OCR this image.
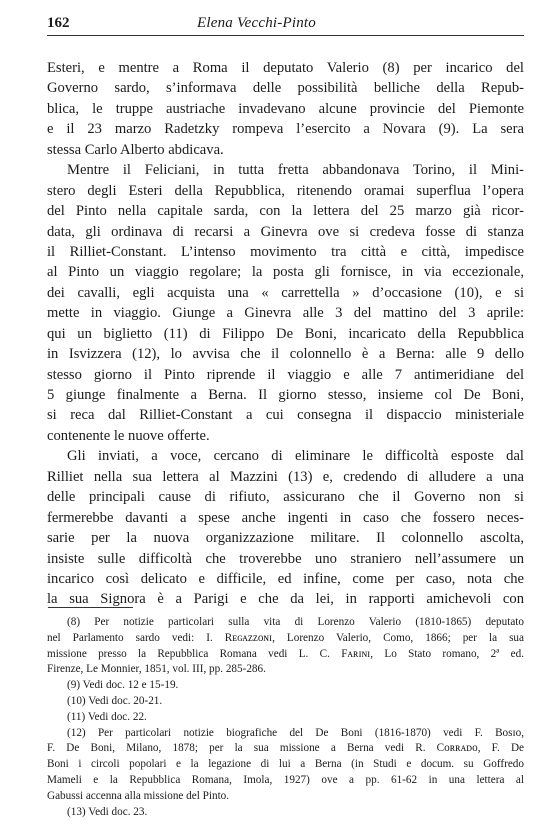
162	Elena Vecchi-Pinto
Esteri, e mentre a Roma il deputato Valerio (8) per incarico del
Governo sardo, s’informava delle possibilità belliche della Repub-
blica, le truppe austriache invadevano alcune provincie del Piemonte
e il 23 marzo Radetzky rompeva l’esercito a Novara (9). La sera
stessa Carlo Alberto abdicava.
Mentre il Feliciani, in tutta fretta abbandonava Torino, il Mini-
stero degli Esteri della Repubblica, ritenendo oramai superflua l’opera
del Pinto nella capitale sarda, con la lettera del 25 marzo già ricor-
data, gli ordinava di recarsi a Ginevra ove si credeva fosse di stanza
il Rilliet-Constant. L’intenso movimento tra città e città, impedisce
al Pinto un viaggio regolare; la posta gli fornisce, in via eccezionale,
dei cavalli, egli acquista una « carrettella » d’occasione (10), e si
mette in viaggio. Giunge a Ginevra alle 3 del mattino del 3 aprile:
qui un biglietto (11) di Filippo De Boni, incaricato della Repubblica
in Isvizzera (12), lo avvisa che il colonnello è a Berna: alle 9 dello
stesso giorno il Pinto riprende il viaggio e alle 7 antimeridiane del
5 giunge finalmente a Berna. Il giorno stesso, insieme col De Boni,
si reca dal Rilliet-Constant a cui consegna il dispaccio ministeriale
contenente le nuove offerte.
Gli inviati, a voce, cercano di eliminare le difficoltà esposte dal
Rilliet nella sua lettera al Mazzini (13) e, credendo di alludere a una
delle principali cause di rifiuto, assicurano che il Governo non si
fermerebbe davanti a spese anche ingenti in caso che fossero neces-
sarie per la nuova organizzazione militare. Il colonnello ascolta,
insiste sulle difficoltà che troverebbe uno straniero nell’assumere un
incarico così delicato e difficile, ed infine, come per caso, nota che
la sua Signora è a Parigi e che da lei, in rapporti amichevoli con
(8) Per notizie particolari sulla vita di Lorenzo Valerio (1810-1865) deputato
nel Parlamento sardo vedi: I. Rᴇɢᴀᴢᴢᴏɴɪ, Lorenzo Valerio, Como, 1866; per la sua
missione presso la Repubblica Romana vedi L. C. Fᴀʀɪɴɪ, Lo Stato romano, 2ª ed.
Firenze, Le Monnier, 1851, vol. III, pp. 285-286.
(9) Vedi doc. 12 e 15-19.
(10) Vedi doc. 20-21.
(11) Vedi doc. 22.
(12) Per particolari notizie biografiche del De Boni (1816-1870) vedi F. Bᴏsɪᴏ,
F. De Boni, Milano, 1878; per la sua missione a Berna vedi R. Cᴏʀʀᴀᴅᴏ, F. De
Boni i circoli popolari e la legazione di lui a Berna (in Studi e docum. su Goffredo
Mameli e la Repubblica Romana, Imola, 1927) ove a pp. 61-62 in una lettera al
Gabussi accenna alla missione del Pinto.
(13) Vedi doc. 23.
